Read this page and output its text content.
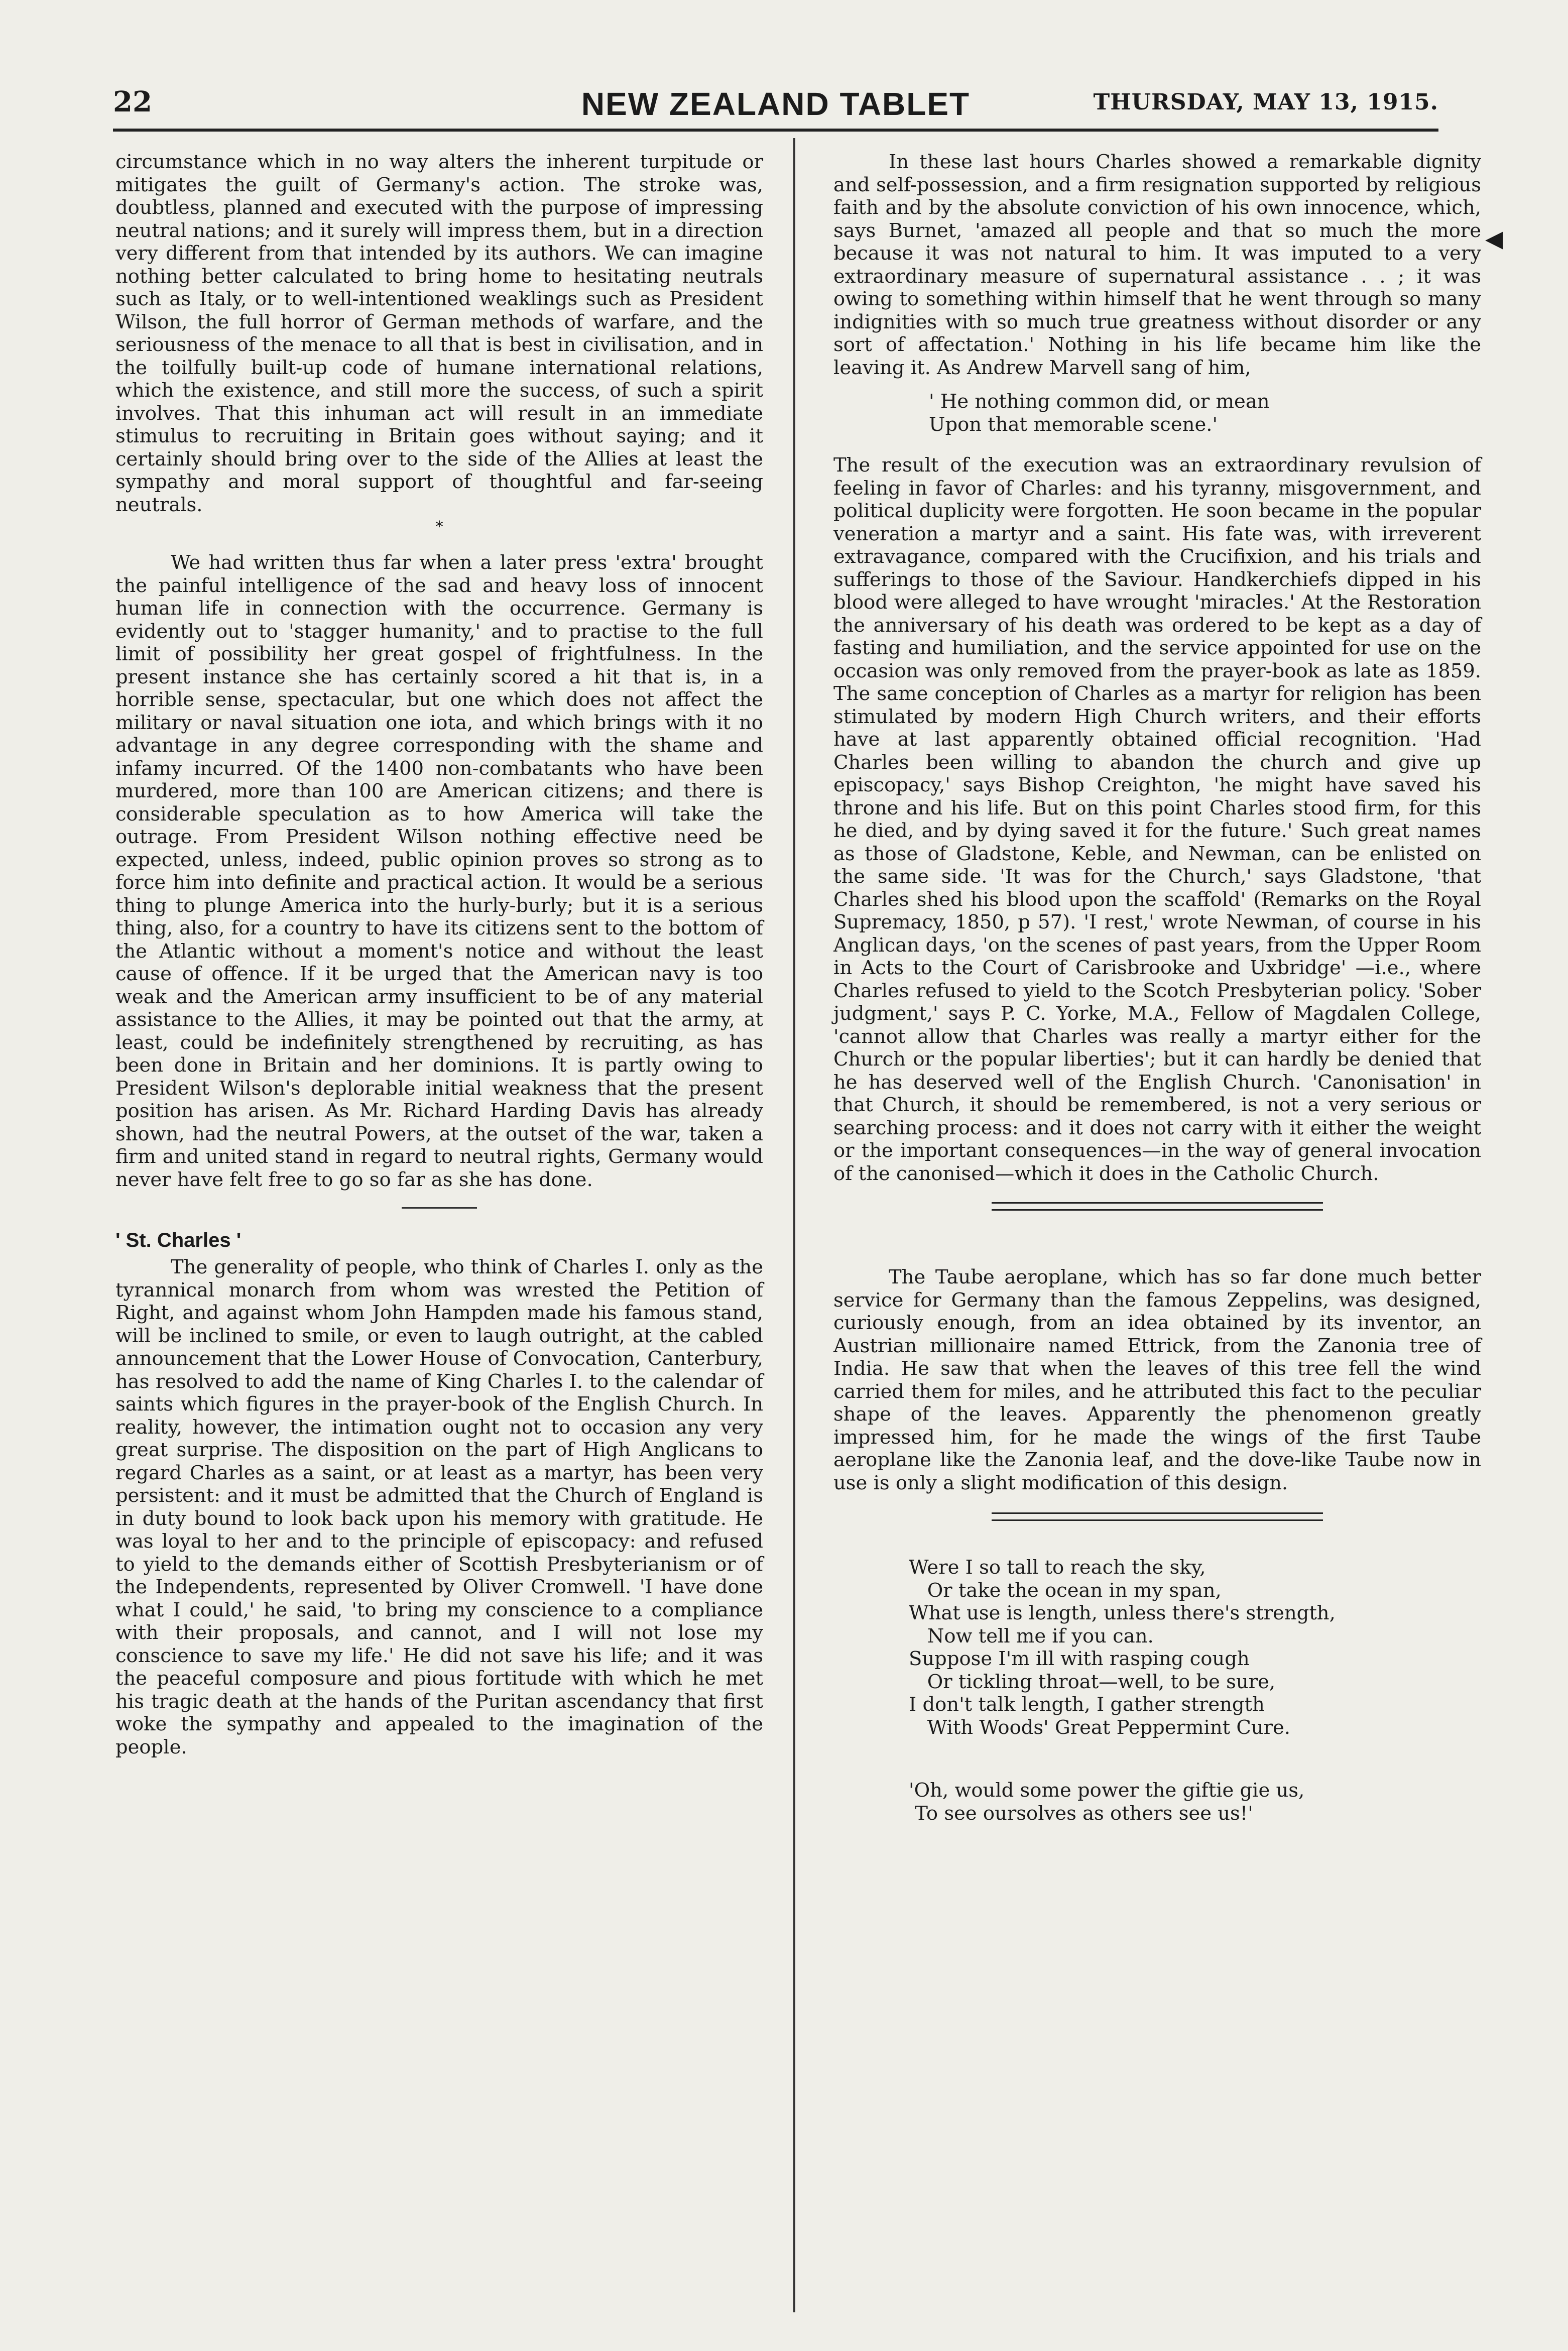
22	NEW ZEALAND TABLET	THURSDAY, MAY 13, 1915.

circumstance which in no way alters the inherent turpitude or mitigates the guilt of Germany's action. The stroke was, doubtless, planned and executed with the purpose of impressing neutral nations; and it surely will impress them, but in a direction very different from that intended by its authors. We can imagine nothing better calculated to bring home to hesitating neutrals such as Italy, or to well-intentioned weaklings such as President Wilson, the full horror of German methods of warfare, and the seriousness of the menace to all that is best in civilisation, and in the toilfully built-up code of humane international relations, which the existence, and still more the success, of such a spirit involves. That this inhuman act will result in an immediate stimulus to recruiting in Britain goes without saying; and it certainly should bring over to the side of the Allies at least the sympathy and moral support of thoughtful and far-seeing neutrals.

*

We had written thus far when a later press 'extra' brought the painful intelligence of the sad and heavy loss of innocent human life in connection with the occurrence. Germany is evidently out to 'stagger humanity,' and to practise to the full limit of possibility her great gospel of frightfulness. In the present instance she has certainly scored a hit that is, in a horrible sense, spectacular, but one which does not affect the military or naval situation one iota, and which brings with it no advantage in any degree corresponding with the shame and infamy incurred. Of the 1400 non-combatants who have been murdered, more than 100 are American citizens; and there is considerable speculation as to how America will take the outrage. From President Wilson nothing effective need be expected, unless, indeed, public opinion proves so strong as to force him into definite and practical action. It would be a serious thing to plunge America into the hurly-burly; but it is a serious thing, also, for a country to have its citizens sent to the bottom of the Atlantic without a moment's notice and without the least cause of offence. If it be urged that the American navy is too weak and the American army insufficient to be of any material assistance to the Allies, it may be pointed out that the army, at least, could be indefinitely strengthened by recruiting, as has been done in Britain and her dominions. It is partly owing to President Wilson's deplorable initial weakness that the present position has arisen. As Mr. Richard Harding Davis has already shown, had the neutral Powers, at the outset of the war, taken a firm and united stand in regard to neutral rights, Germany would never have felt free to go so far as she has done.

' St. Charles '

The generality of people, who think of Charles I. only as the tyrannical monarch from whom was wrested the Petition of Right, and against whom John Hampden made his famous stand, will be inclined to smile, or even to laugh outright, at the cabled announcement that the Lower House of Convocation, Canterbury, has resolved to add the name of King Charles I. to the calendar of saints which figures in the prayer-book of the English Church. In reality, however, the intimation ought not to occasion any very great surprise. The disposition on the part of High Anglicans to regard Charles as a saint, or at least as a martyr, has been very persistent: and it must be admitted that the Church of England is in duty bound to look back upon his memory with gratitude. He was loyal to her and to the principle of episcopacy: and refused to yield to the demands either of Scottish Presbyterianism or of the Independents, represented by Oliver Cromwell. 'I have done what I could,' he said, 'to bring my conscience to a compliance with their proposals, and cannot, and I will not lose my conscience to save my life.' He did not save his life; and it was the peaceful composure and pious fortitude with which he met his tragic death at the hands of the Puritan ascendancy that first woke the sympathy and appealed to the imagination of the people.

In these last hours Charles showed a remarkable dignity and self-possession, and a firm resignation supported by religious faith and by the absolute conviction of his own innocence, which, says Burnet, 'amazed all people and that so much the more because it was not natural to him. It was imputed to a very extraordinary measure of supernatural assistance . . ; it was owing to something within himself that he went through so many indignities with so much true greatness without disorder or any sort of affectation.' Nothing in his life became him like the leaving it. As Andrew Marvell sang of him,

' He nothing common did, or mean
Upon that memorable scene.'

The result of the execution was an extraordinary revulsion of feeling in favor of Charles: and his tyranny, misgovernment, and political duplicity were forgotten. He soon became in the popular veneration a martyr and a saint. His fate was, with irreverent extravagance, compared with the Crucifixion, and his trials and sufferings to those of the Saviour. Handkerchiefs dipped in his blood were alleged to have wrought 'miracles.' At the Restoration the anniversary of his death was ordered to be kept as a day of fasting and humiliation, and the service appointed for use on the occasion was only removed from the prayer-book as late as 1859. The same conception of Charles as a martyr for religion has been stimulated by modern High Church writers, and their efforts have at last apparently obtained official recognition. 'Had Charles been willing to abandon the church and give up episcopacy,' says Bishop Creighton, 'he might have saved his throne and his life. But on this point Charles stood firm, for this he died, and by dying saved it for the future.' Such great names as those of Gladstone, Keble, and Newman, can be enlisted on the same side. 'It was for the Church,' says Gladstone, 'that Charles shed his blood upon the scaffold' (Remarks on the Royal Supremacy, 1850, p 57). 'I rest,' wrote Newman, of course in his Anglican days, 'on the scenes of past years, from the Upper Room in Acts to the Court of Carisbrooke and Uxbridge' —i.e., where Charles refused to yield to the Scotch Presbyterian policy. 'Sober judgment,' says P. C. Yorke, M.A., Fellow of Magdalen College, 'cannot allow that Charles was really a martyr either for the Church or the popular liberties'; but it can hardly be denied that he has deserved well of the English Church. 'Canonisation' in that Church, it should be remembered, is not a very serious or searching process: and it does not carry with it either the weight or the important consequences—in the way of general invocation of the canonised—which it does in the Catholic Church.

The Taube aeroplane, which has so far done much better service for Germany than the famous Zeppelins, was designed, curiously enough, from an idea obtained by its inventor, an Austrian millionaire named Ettrick, from the Zanonia tree of India. He saw that when the leaves of this tree fell the wind carried them for miles, and he attributed this fact to the peculiar shape of the leaves. Apparently the phenomenon greatly impressed him, for he made the wings of the first Taube aeroplane like the Zanonia leaf, and the dove-like Taube now in use is only a slight modification of this design.

Were I so tall to reach the sky,
Or take the ocean in my span,
What use is length, unless there's strength,
Now tell me if you can.
Suppose I'm ill with rasping cough
Or tickling throat—well, to be sure,
I don't talk length, I gather strength
With Woods' Great Peppermint Cure.
'Oh, would some power the giftie gie us,
To see oursolves as others see us!'
◀
